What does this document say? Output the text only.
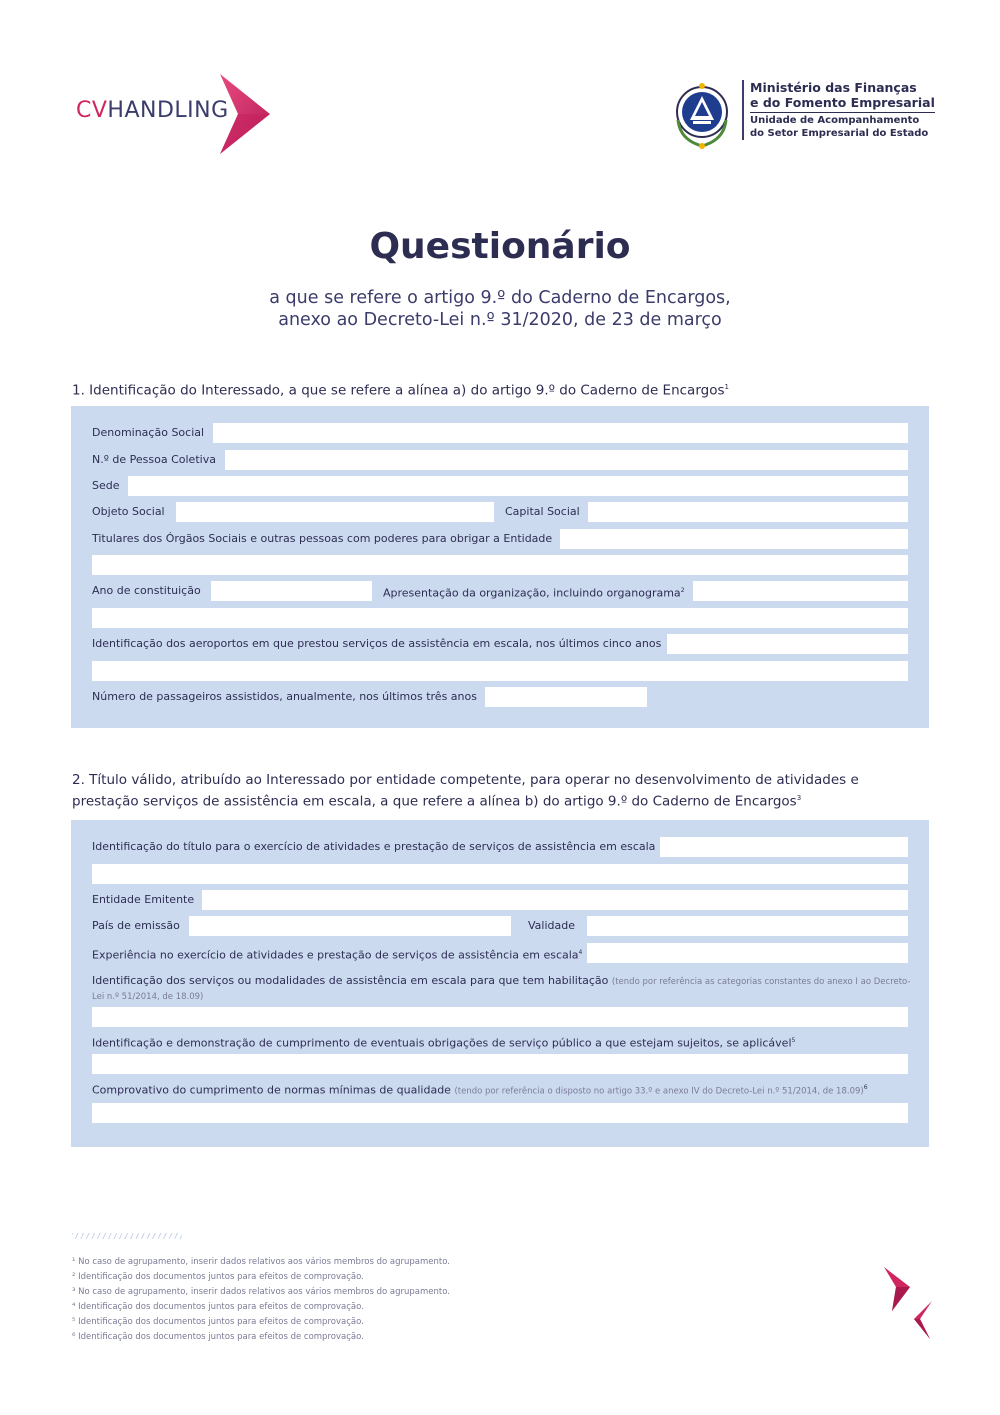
CVHANDLING
Ministério das Finanças
e do Fomento Empresarial
Unidade de Acompanhamento
do Setor Empresarial do Estado
Questionário
a que se refere o artigo 9.º do Caderno de Encargos,
anexo ao Decreto-Lei n.º 31/2020, de 23 de março
1. Identificação do Interessado, a que se refere a alínea a) do artigo 9.º do Caderno de Encargos$^1$
Denominação Social
N.º de Pessoa Coletiva
Sede
Objeto Social	Capital Social
Titulares dos Órgãos Sociais e outras pessoas com poderes para obrigar a Entidade
Ano de constituição	Apresentação da organização, incluindo organograma$^2$
Identificação dos aeroportos em que prestou serviços de assistência em escala, nos últimos cinco anos
Número de passageiros assistidos, anualmente, nos últimos três anos
2. Título válido, atribuído ao Interessado por entidade competente, para operar no desenvolvimento de atividades e
prestação serviços de assistência em escala, a que refere a alínea b) do artigo 9.º do Caderno de Encargos$^3$
Identificação do título para o exercício de atividades e prestação de serviços de assistência em escala
Entidade Emitente
País de emissão	Validade
Experiência no exercício de atividades e prestação de serviços de assistência em escala$^4$
Identificação dos serviços ou modalidades de assistência em escala para que tem habilitação (tendo por referência as categorias constantes do anexo I ao Decreto-Lei n.º 51/2014, de 18.09)
Identificação e demonstração de cumprimento de eventuais obrigações de serviço público a que estejam sujeitos, se aplicável$^5$
Comprovativo do cumprimento de normas mínimas de qualidade (tendo por referência o disposto no artigo 33.º e anexo IV do Decreto-Lei n.º 51/2014, de 18.09)$^6$
¹ No caso de agrupamento, inserir dados relativos aos vários membros do agrupamento.
² Identificação dos documentos juntos para efeitos de comprovação.
³ No caso de agrupamento, inserir dados relativos aos vários membros do agrupamento.
⁴ Identificação dos documentos juntos para efeitos de comprovação.
⁵ Identificação dos documentos juntos para efeitos de comprovação.
⁶ Identificação dos documentos juntos para efeitos de comprovação.
